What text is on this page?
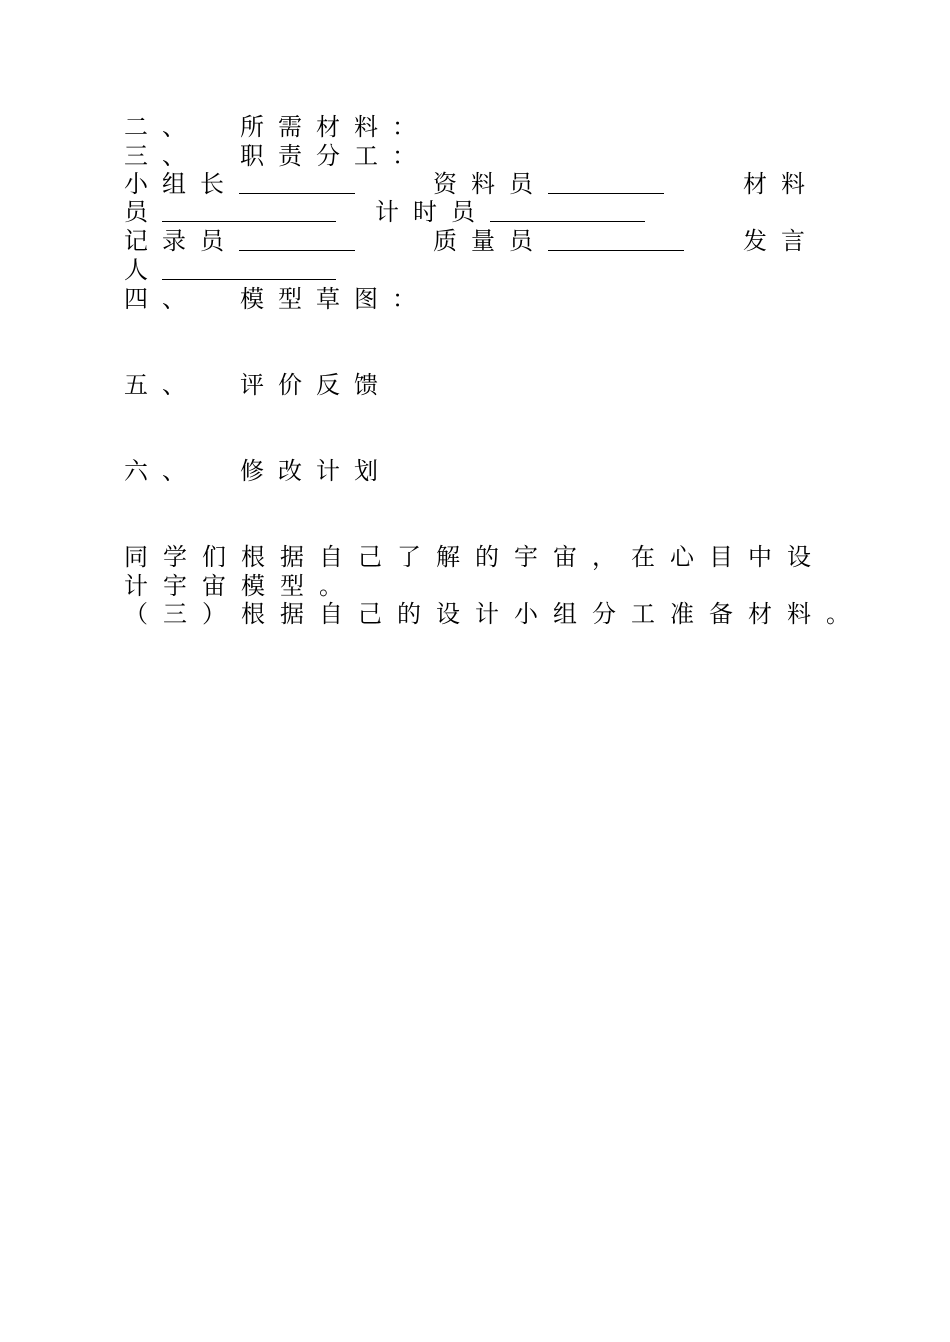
二、 所需材料：
三、 职责分工：
小组长	资料员	材料
员	计时员
记录员	质量员	发言
人
四、 模型草图：
五、 评价反馈
六、 修改计划
同学们根据自己了解的宇宙，在心目中设
计宇宙模型。
（三）根据自己的设计小组分工准备材料。
